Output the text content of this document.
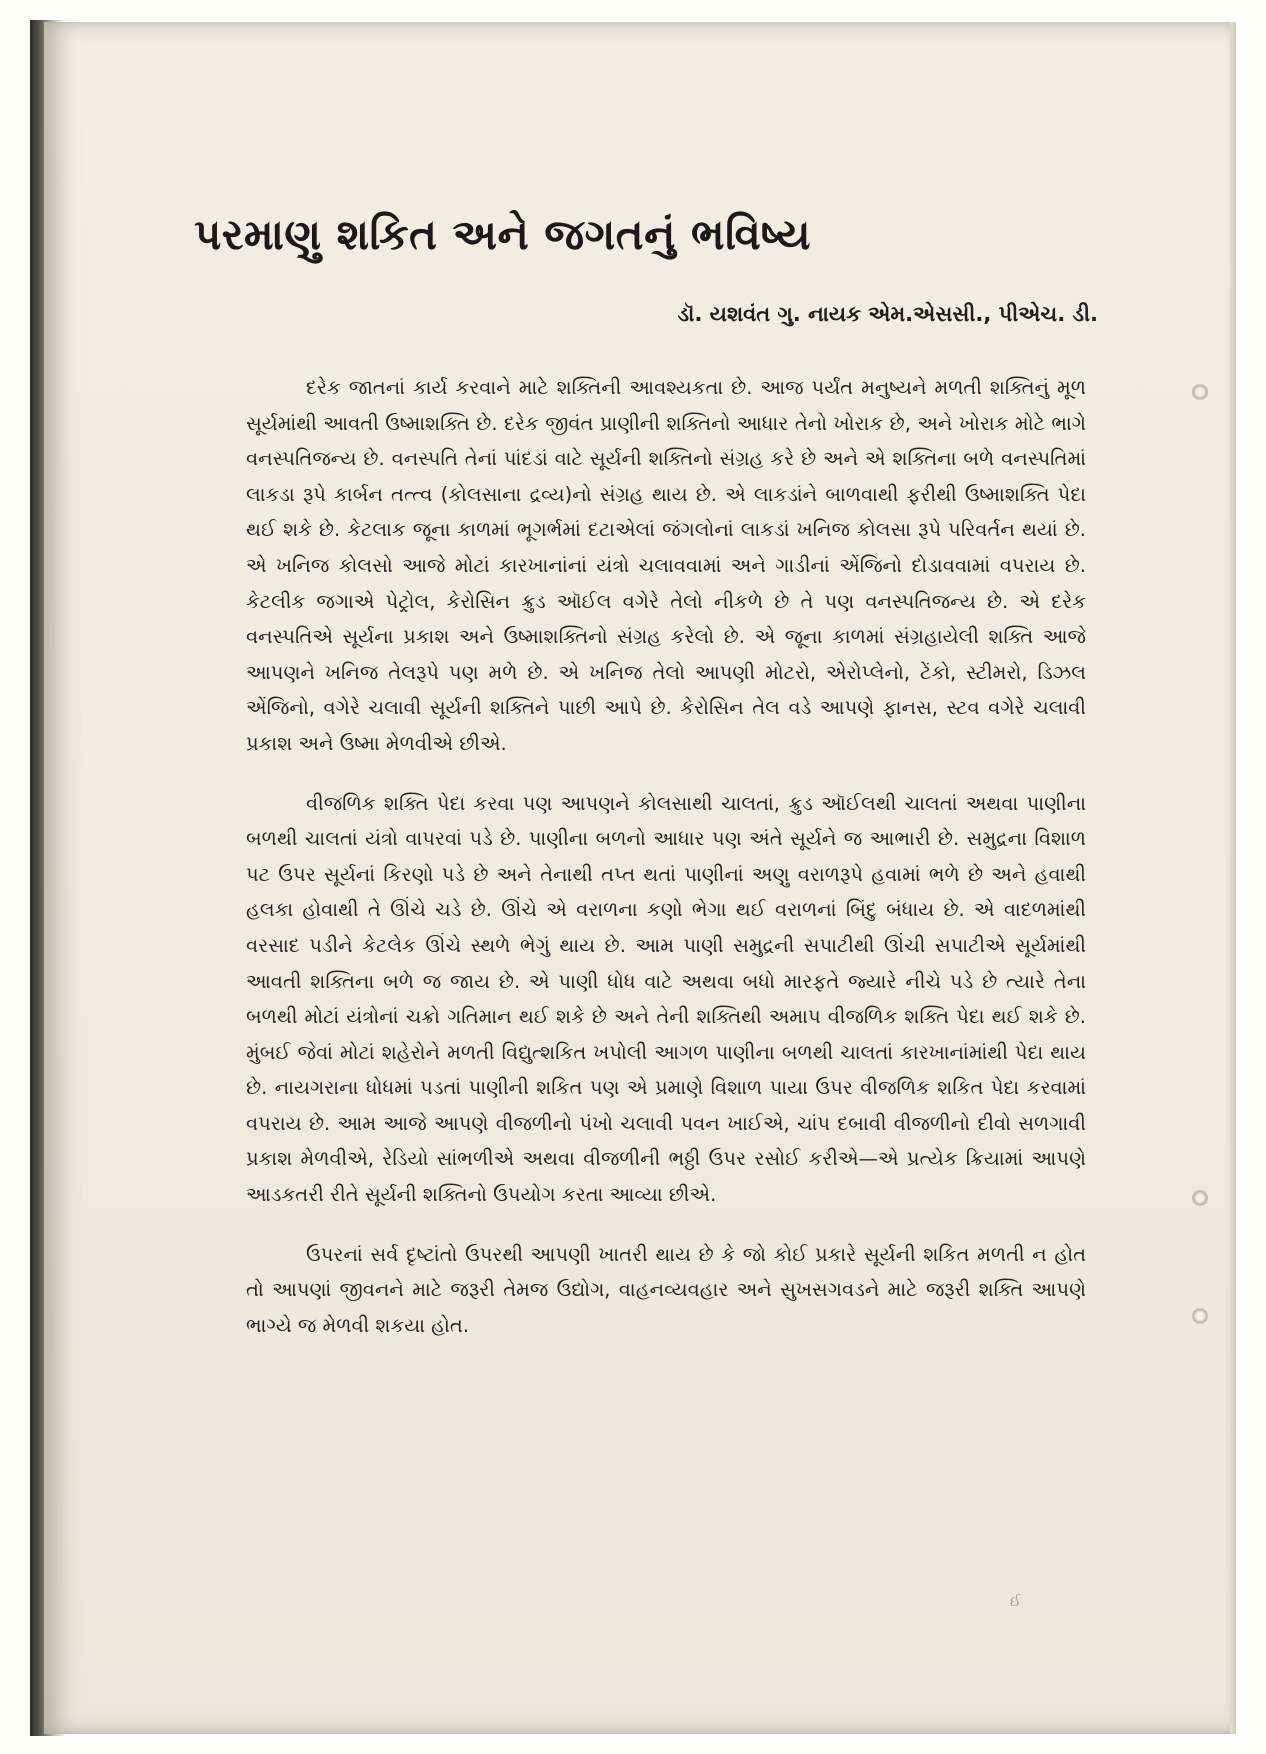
પરમાણુ શકિત અને જગતનું ભવિષ્ય

ડૉ. યશવંત ગુ. નાયક એમ.એસસી., પીએચ. ડી.

દરેક જાતનાં કાર્ય કરવાને માટે શક્તિની આવશ્યકતા છે. આજ પર્યંત મનુષ્યને મળતી શક્તિનું મૂળ સૂર્યમાંથી આવતી ઉષ્માશક્તિ છે. દરેક જીવંત પ્રાણીની શક્તિનો આધાર તેનો ખોરાક છે, અને ખોરાક મોટે ભાગે વનસ્પતિજન્ય છે. વનસ્પતિ તેનાં પાંદડાં વાટે સૂર્યની શક્તિનો સંગ્રહ કરે છે અને એ શક્તિના બળે વનસ્પતિમાં લાકડા રૂપે કાર્બન તત્ત્વ (કોલસાના દ્રવ્ય)નો સંગ્રહ થાય છે. એ લાકડાંને બાળવાથી ફરીથી ઉષ્માશક્તિ પેદા થઈ શકે છે. કેટલાક જૂના કાળમાં ભૂગર્ભમાં દટાએલાં જંગલોનાં લાકડાં ખનિજ કોલસા રૂપે પરિવર્તન થયાં છે. એ ખનિજ કોલસો આજે મોટાં કારખાનાંનાં યંત્રો ચલાવવામાં અને ગાડીનાં એંજિનો દોડાવવામાં વપરાય છે. કેટલીક જગાએ પેટ્રોલ, કેરોસિન ક્રુડ ઑઈલ વગેરે તેલો નીકળે છે તે પણ વનસ્પતિજન્ય છે. એ દરેક વનસ્પતિએ સૂર્યના પ્રકાશ અને ઉષ્માશક્તિનો સંગ્રહ કરેલો છે. એ જૂના કાળમાં સંગ્રહાયેલી શક્તિ આજે આપણને ખનિજ તેલરૂપે પણ મળે છે. એ ખનિજ તેલો આપણી મોટરો, એરોપ્લેનો, ટેંકો, સ્ટીમરો, ડિઝલ એંજિનો, વગેરે ચલાવી સૂર્યની શક્તિને પાછી આપે છે. કેરોસિન તેલ વડે આપણે ફાનસ, સ્ટવ વગેરે ચલાવી પ્રકાશ અને ઉષ્મા મેળવીએ છીએ.

વીજળિક શક્તિ પેદા કરવા પણ આપણને કોલસાથી ચાલતાં, ક્રુડ ઑઈલથી ચાલતાં અથવા પાણીના બળથી ચાલતાં યંત્રો વાપરવાં પડે છે. પાણીના બળનો આધાર પણ અંતે સૂર્યને જ આભારી છે. સમુદ્રના વિશાળ પટ ઉપર સૂર્યનાં કિરણો પડે છે અને તેનાથી તપ્ત થતાં પાણીનાં અણુ વરાળરૂપે હવામાં ભળે છે અને હવાથી હલકા હોવાથી તે ઊંચે ચડે છે. ઊંચે એ વરાળના કણો ભેગા થઈ વરાળનાં બિંદુ બંધાય છે. એ વાદળમાંથી વરસાદ પડીને કેટલેક ઊંચે સ્થળે ભેગું થાય છે. આમ પાણી સમુદ્રની સપાટીથી ઊંચી સપાટીએ સૂર્યમાંથી આવતી શક્તિના બળે જ જાય છે. એ પાણી ધોધ વાટે અથવા બધો મારફતે જ્યારે નીચે પડે છે ત્યારે તેના બળથી મોટાં યંત્રોનાં ચક્રો ગતિમાન થઈ શકે છે અને તેની શક્તિથી અમાપ વીજળિક શક્તિ પેદા થઈ શકે છે. મુંબઈ જેવાં મોટાં શહેરોને મળતી વિદ્યુત્શકિત ખપોલી આગળ પાણીના બળથી ચાલતાં કારખાનાંમાંથી પેદા થાય છે. નાયગરાના ધોધમાં પડતાં પાણીની શકિત પણ એ પ્રમાણે વિશાળ પાયા ઉપર વીજળિક શકિત પેદા કરવામાં વપરાય છે. આમ આજે આપણે વીજળીનો પંખો ચલાવી પવન ખાઈએ, ચાંપ દબાવી વીજળીનો દીવો સળગાવી પ્રકાશ મેળવીએ, રેડિયો સાંભળીએ અથવા વીજળીની ભઠ્ઠી ઉપર રસોઈ કરીએ—એ પ્રત્યેક ક્રિયામાં આપણે આડકતરી રીતે સૂર્યની શક્તિનો ઉપયોગ કરતા આવ્યા છીએ.

ઉપરનાં સર્વ દૃષ્ટાંતો ઉપરથી આપણી ખાતરી થાય છે કે જો કોઈ પ્રકારે સૂર્યની શકિત મળતી ન હોત તો આપણાં જીવનને માટે જરૂરી તેમજ ઉદ્યોગ, વાહનવ્યવહાર અને સુખસગવડને માટે જરૂરી શક્તિ આપણે ભાગ્યે જ મેળવી શકયા હોત.

ઈ
